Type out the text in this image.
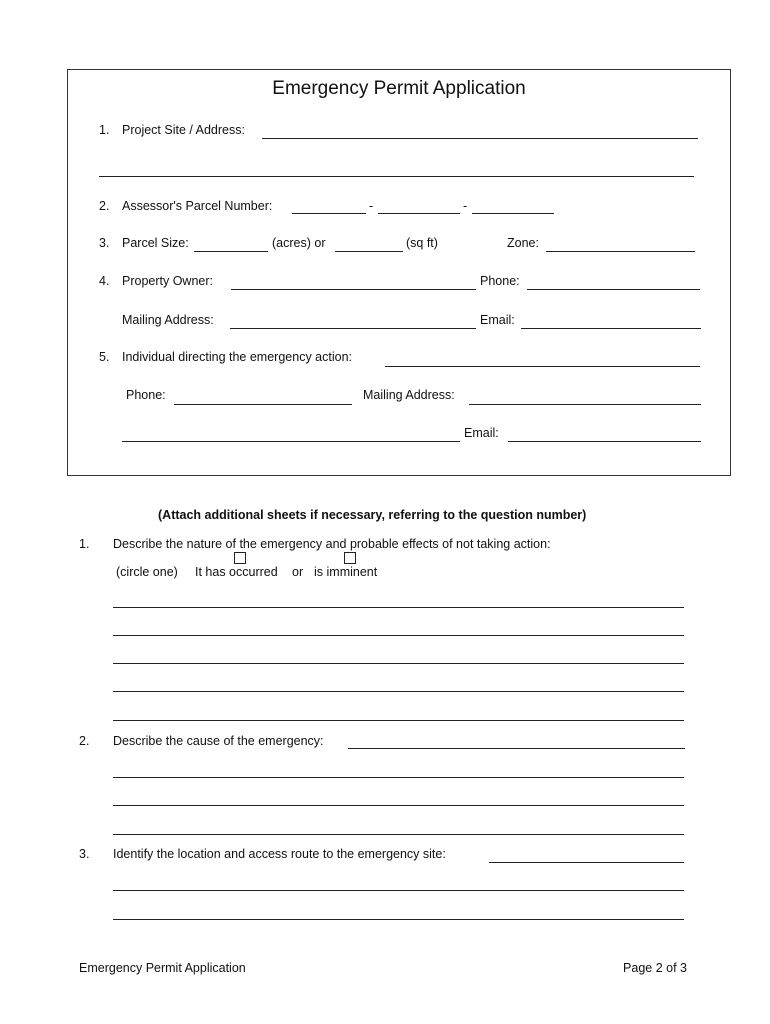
Emergency Permit Application
1. Project Site / Address:
2. Assessor's Parcel Number:	-	-
3. Parcel Size:	(acres) or	(sq ft)	Zone:
4. Property Owner:	Phone:
Mailing Address:	Email:
5. Individual directing the emergency action:
Phone:	Mailing Address:
Email:
(Attach additional sheets if necessary, referring to the question number)
1. Describe the nature of the emergency and probable effects of not taking action:
(circle one) It has occurred or is imminent
2. Describe the cause of the emergency:
3. Identify the location and access route to the emergency site:
Emergency Permit Application	Page 2 of 3
